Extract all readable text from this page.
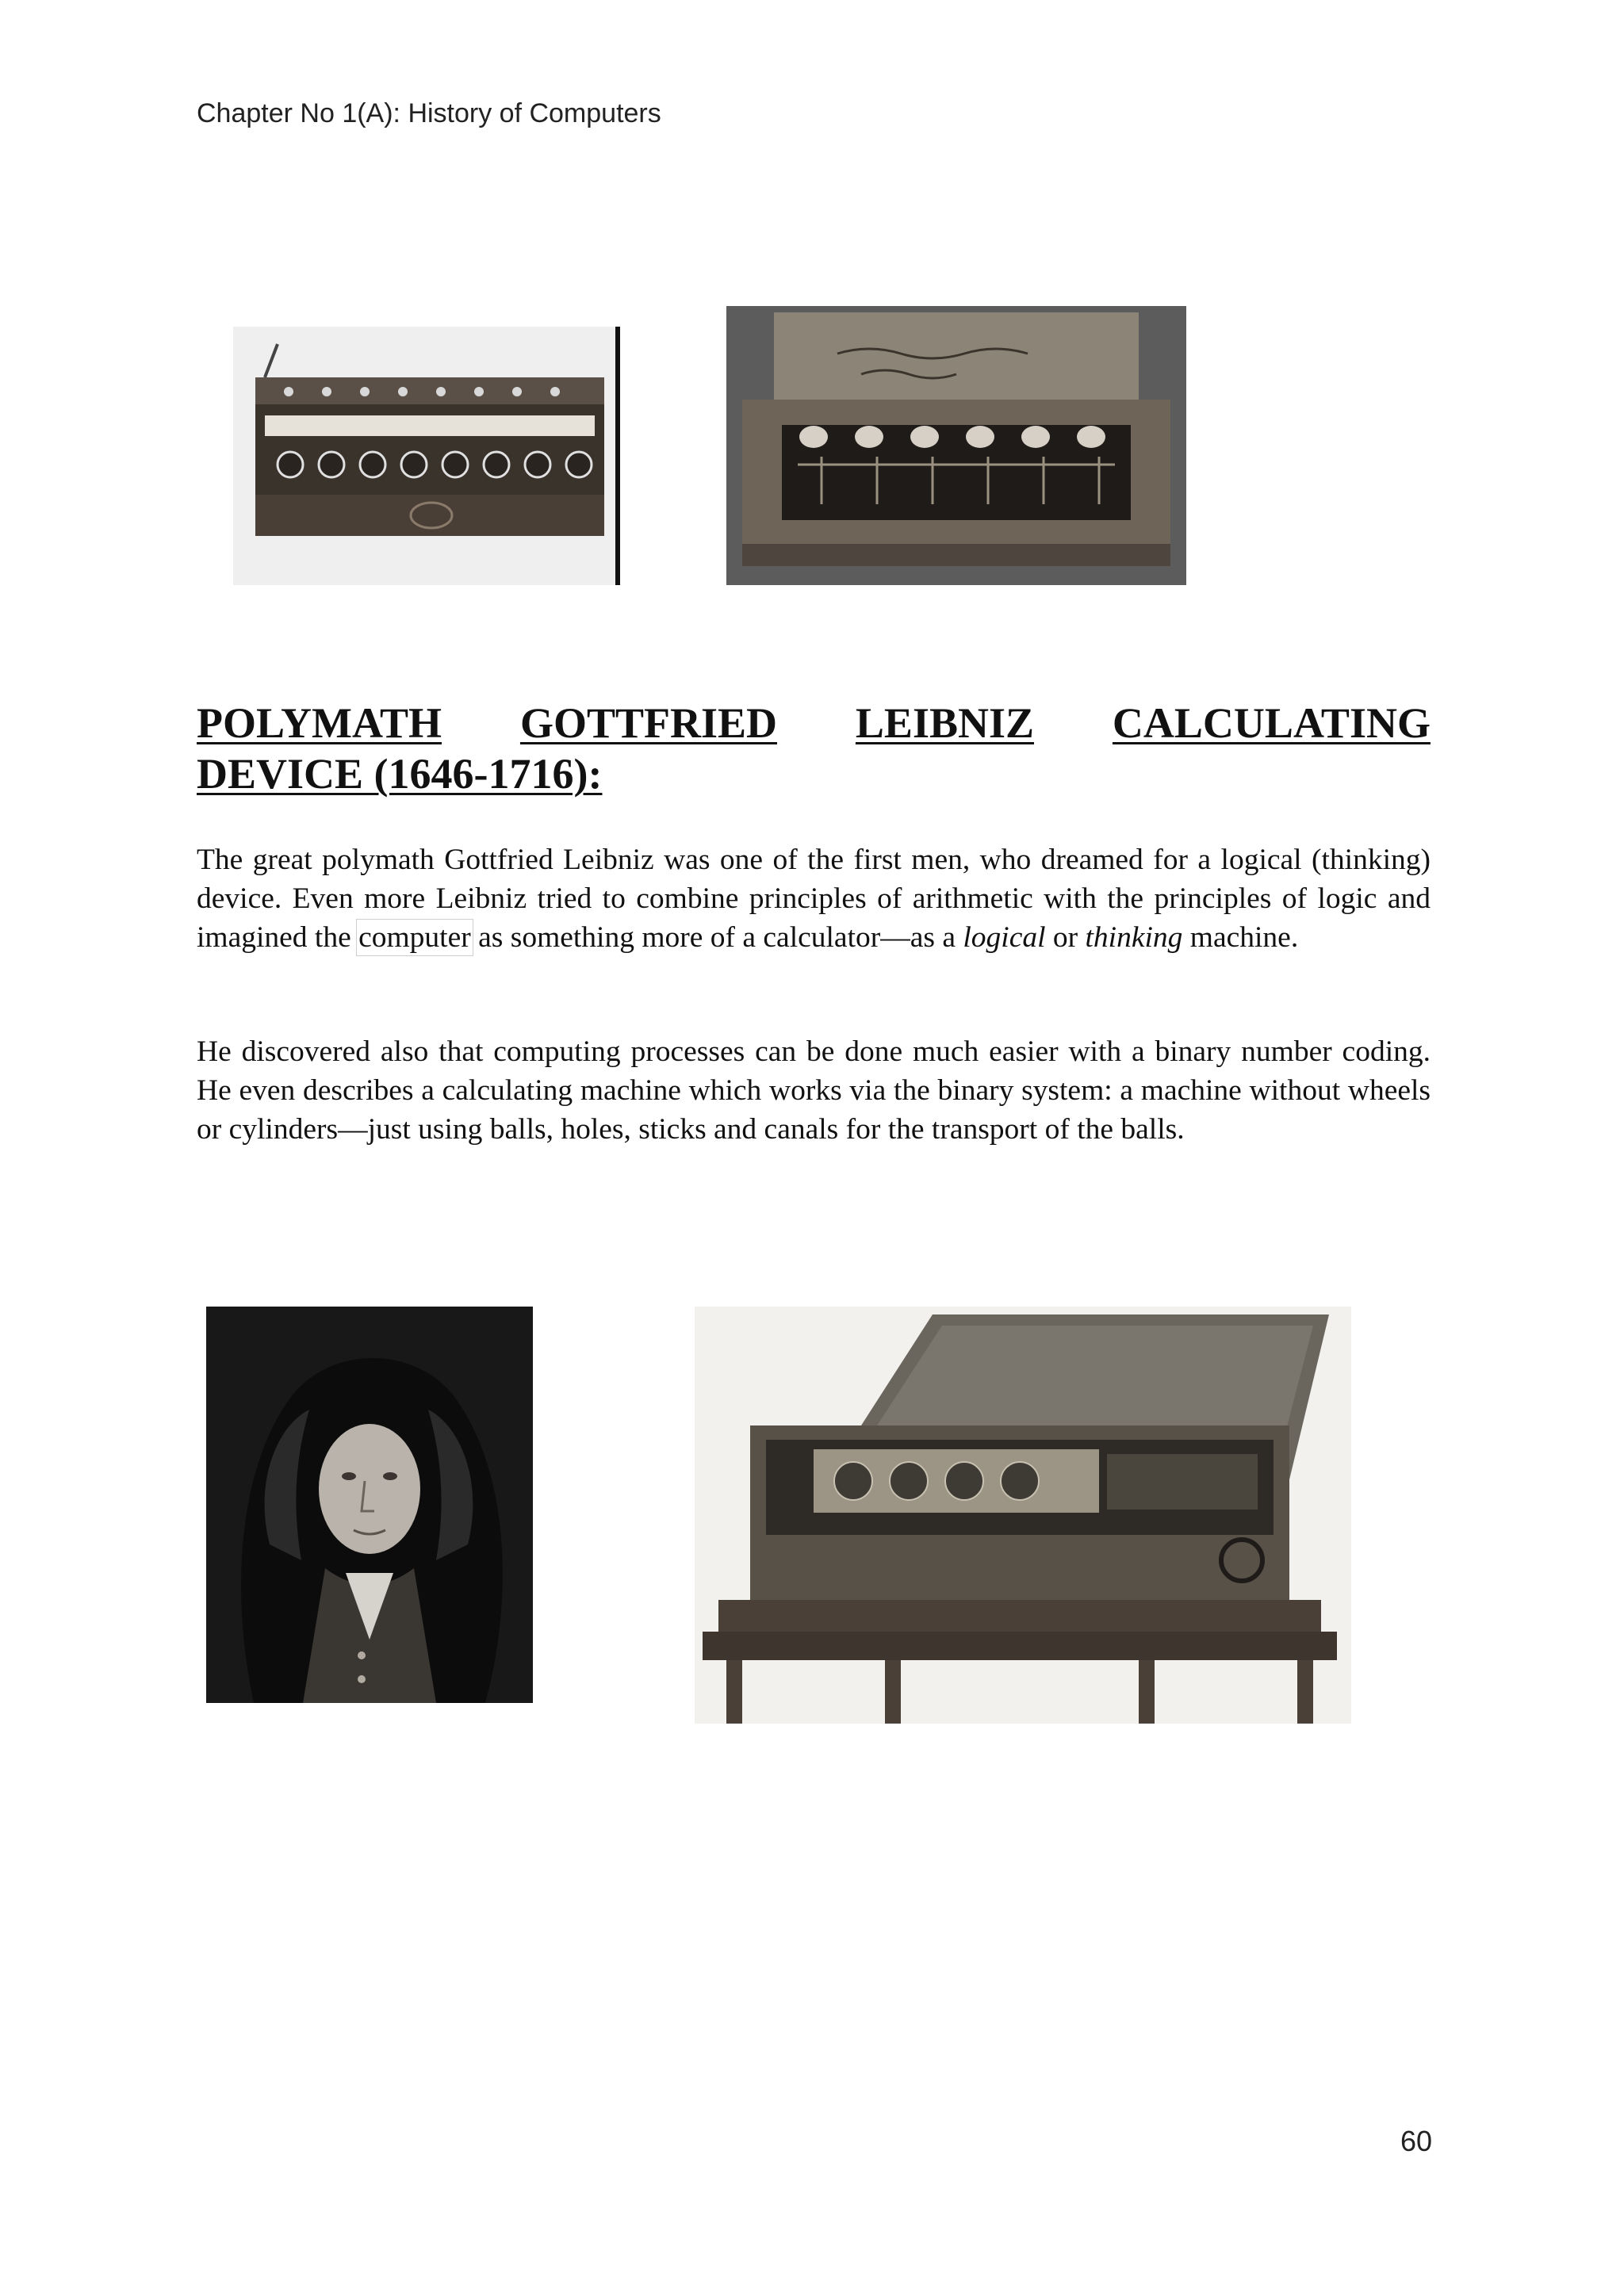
Chapter No 1(A): History of Computers
POLYMATH GOTTFRIED LEIBNIZ CALCULATING
DEVICE (1646-1716):

The great polymath Gottfried Leibniz was one of the first men, who dreamed for a logical (thinking) device. Even more Leibniz tried to combine principles of arithmetic with the principles of logic and imagined the computer as something more of a calculator—as a logical or thinking machine.

He discovered also that computing processes can be done much easier with a binary number coding. He even describes a calculating machine which works via the binary system: a machine without wheels or cylinders—just using balls, holes, sticks and canals for the transport of the balls.

60
